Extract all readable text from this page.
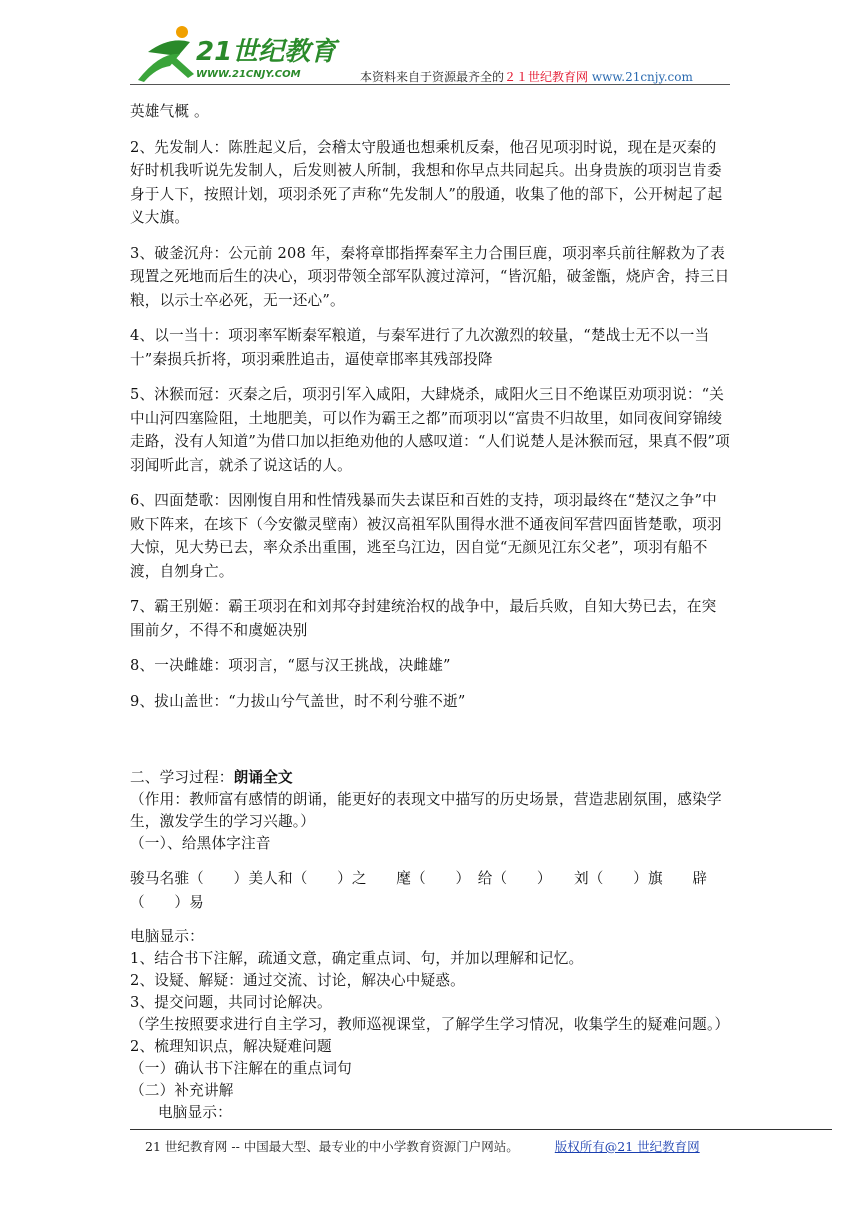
21世纪教育
WWW.21CNJY.COM	本资料来自于资源最齐全的２１世纪教育网 www.21cnjy.com

英雄气概 。

2、先发制人：陈胜起义后，会稽太守殷通也想乘机反秦，他召见项羽时说，现在是灭秦的好时机我听说先发制人，后发则被人所制，我想和你早点共同起兵。出身贵族的项羽岂肯委身于人下，按照计划，项羽杀死了声称“先发制人”的殷通，收集了他的部下，公开树起了起义大旗。

3、破釜沉舟：公元前 208 年，秦将章邯指挥秦军主力合围巨鹿，项羽率兵前往解救为了表现置之死地而后生的决心，项羽带领全部军队渡过漳河，“皆沉船，破釜甑，烧庐舍，持三日粮，以示士卒必死，无一还心”。

4、以一当十：项羽率军断秦军粮道，与秦军进行了九次激烈的较量，“楚战士无不以一当十”秦损兵折将，项羽乘胜追击，逼使章邯率其残部投降

5、沐猴而冠：灭秦之后，项羽引军入咸阳，大肆烧杀，咸阳火三日不绝谋臣劝项羽说：“关中山河四塞险阻，土地肥美，可以作为霸王之都”而项羽以“富贵不归故里，如同夜间穿锦绫走路，没有人知道”为借口加以拒绝劝他的人感叹道：“人们说楚人是沐猴而冠，果真不假”项羽闻听此言，就杀了说这话的人。

6、四面楚歌：因刚愎自用和性情残暴而失去谋臣和百姓的支持，项羽最终在“楚汉之争”中败下阵来，在垓下（今安徽灵壁南）被汉高祖军队围得水泄不通夜间军营四面皆楚歌，项羽大惊，见大势已去，率众杀出重围，逃至乌江边，因自觉“无颜见江东父老”，项羽有船不渡，自刎身亡。

7、霸王别姬：霸王项羽在和刘邦夺封建统治权的战争中，最后兵败，自知大势已去，在突围前夕，不得不和虞姬决别

8、一决雌雄：项羽言，“愿与汉王挑战，决雌雄”

9、拔山盖世：“力拔山兮气盖世，时不利兮骓不逝”

二、学习过程：朗诵全文

（作用：教师富有感情的朗诵，能更好的表现文中描写的历史场景，营造悲剧氛围，感染学生，激发学生的学习兴趣。）

（一）、给黑体字注音

骏马名骓（　　）美人和（　　）之　　麾（　　）　给（　　）　　刘（　　）旗　　辟（　　）易

电脑显示：

1、结合书下注解，疏通文意，确定重点词、句，并加以理解和记忆。

2、设疑、解疑：通过交流、讨论，解决心中疑惑。

3、提交问题，共同讨论解决。

（学生按照要求进行自主学习，教师巡视课堂，了解学生学习情况，收集学生的疑难问题。）

2、梳理知识点，解决疑难问题

（一）确认书下注解在的重点词句

（二）补充讲解

电脑显示：

21 世纪教育网 -- 中国最大型、最专业的中小学教育资源门户网站。	版权所有@21 世纪教育网
